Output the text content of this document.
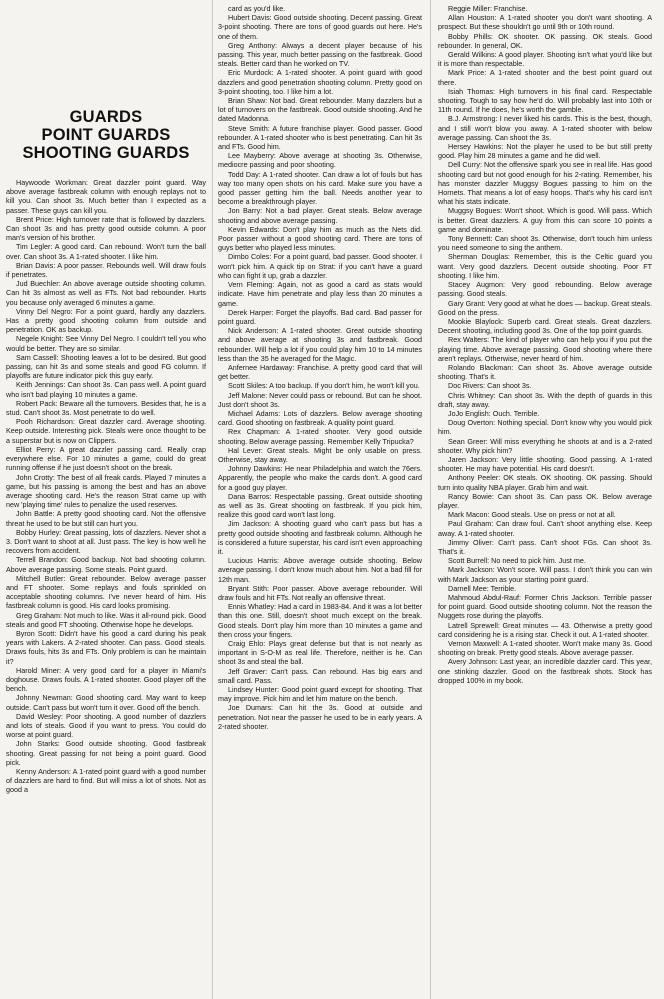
GUARDS
POINT GUARDS
SHOOTING GUARDS

Haywoode Workman: Great dazzler point guard. Way above average fastbreak column with enough replays not to kill you. Can shoot 3s. Much better than I expected as a passer. These guys can kill you.

Brent Price: High turnover rate that is followed by dazzlers. Can shoot 3s and has pretty good outside column. A poor man's version of his brother.

Tim Legler: A good card. Can rebound. Won't turn the ball over. Can shoot 3s. A 1-rated shooter. I like him.

Brian Davis: A poor passer. Rebounds well. Will draw fouls if penetrates.

Jud Buechler: An above average outside shooting column. Can hit 3s almost as well as FTs. Not bad rebounder. Hurts you because only averaged 6 minutes a game.

Vinny Del Negro: For a point guard, hardly any dazzlers. Has a pretty good shooting column from outside and penetration. OK as backup.

Negele Knight: See Vinny Del Negro. I couldn't tell you who would be better. They are so similar.

Sam Cassell: Shooting leaves a lot to be desired. But good passing, can hit 3s and some steals and good FG column. If playoffs are future indicator pick this guy early.

Keith Jennings: Can shoot 3s. Can pass well. A point guard who isn't bad playing 10 minutes a game.

Robert Pack: Beware all the turnovers. Besides that, he is a stud. Can't shoot 3s. Most penetrate to do well.

Pooh Richardson: Great dazzler card. Average shooting. Keep outside. Interesting pick. Steals were once thought to be a superstar but is now on Clippers.

Elliot Perry: A great dazzler passing card. Really crap everywhere else. For 10 minutes a game, could do great running offense if he just doesn't shoot on the break.

John Crotty: The best of all freak cards. Played 7 minutes a game, but his passing is among the best and has an above average shooting card. He's the reason Strat came up with new 'playing time' rules to penalize the used reserves.

John Battle: A pretty good shooting card. Not the offensive threat he used to be but still can hurt you.

Bobby Hurley: Great passing, lots of dazzlers. Never shot a 3. Don't want to shoot at all. Just pass. The key is how well he recovers from accident.

Terrell Brandon: Good backup. Not bad shooting column. Above average passing. Some steals. Point guard.

Mitchell Butler: Great rebounder. Below average passer and FT shooter. Some replays and fouls sprinkled on acceptable shooting columns. I've never heard of him. His fastbreak column is good. His card looks promising.

Greg Graham: Not much to like. Was it all-round pick. Good steals and good FT shooting. Otherwise hope he develops.

Byron Scott: Didn't have his good a card during his peak years with Lakers. A 2-rated shooter. Can pass. Good steals. Draws fouls, hits 3s and FTs. Only problem is can he maintain it?

Harold Miner: A very good card for a player in Miami's doghouse. Draws fouls. A 1-rated shooter. Good player off the bench.

Johnny Newman: Good shooting card. May want to keep outside. Can't pass but won't turn it over. Good off the bench.

David Wesley: Poor shooting. A good number of dazzlers and lots of steals. Good if you want to press. You could do worse at point guard.

John Starks: Good outside shooting. Good fastbreak shooting. Great passing for not being a point guard. Good pick.

Kenny Anderson: A 1-rated point guard with a good number of dazzlers are hard to find. But will miss a lot of shots. Not as good a

card as you'd like.

Hubert Davis: Good outside shooting. Decent passing. Great 3-point shooting. There are tons of good guards out here. He's one of them.

Greg Anthony: Always a decent player because of his passing. This year, much better passing on the fastbreak. Good steals. Better card than he worked on TV.

Eric Murdock: A 1-rated shooter. A point guard with good dazzlers and good penetration shooting column. Pretty good on 3-point shooting, too. I like him a lot.

Brian Shaw: Not bad. Great rebounder. Many dazzlers but a lot of turnovers on the fastbreak. Good outside shooting. And he dated Madonna.

Steve Smith: A future franchise player. Good passer. Good rebounder. A 1-rated shooter who is best penetrating. Can hit 3s and FTs. Good him.

Lee Mayberry: Above average at shooting 3s. Otherwise, mediocre passing and poor shooting.

Todd Day: A 1-rated shooter. Can draw a lot of fouls but has way too many open shots on his card. Make sure you have a good passer getting him the ball. Needs another year to become a breakthrough player.

Jon Barry: Not a bad player. Great steals. Below average shooting and above average passing.

Kevin Edwards: Don't play him as much as the Nets did. Poor passer without a good shooting card. There are tons of guys better who played less minutes.

Dimbo Coles: For a point guard, bad passer. Good shooter. I won't pick him. A quick tip on Strat: if you can't have a guard who can fight it up, grab a dazzler.

Vern Fleming: Again, not as good a card as stats would indicate. Have him penetrate and play less than 20 minutes a game.

Derek Harper: Forget the playoffs. Bad card. Bad passer for point guard.

Nick Anderson: A 1-rated shooter. Great outside shooting and above average at shooting 3s and fastbreak. Good rebounder. Will help a lot if you could play him 10 to 14 minutes less than the 35 he averaged for the Magic.

Anfernee Hardaway: Franchise. A pretty good card that will get better.

Scott Skiles: A too backup. If you don't him, he won't kill you.

Jeff Malone: Never could pass or rebound. But can he shoot. Just don't shoot 3s.

Michael Adams: Lots of dazzlers. Below average shooting card. Good shooting on fastbreak. A quality point guard.

Rex Chapman: A 1-rated shooter. Very good outside shooting. Below average passing. Remember Kelly Tripucka?

Hal Lever: Great steals. Might be only usable on press. Otherwise, stay away.

Johnny Dawkins: He near Philadelphia and watch the 76ers. Apparently, the people who make the cards don't. A good card for a good guy player.

Dana Barros: Respectable passing. Great outside shooting as well as 3s. Great shooting on fastbreak. If you pick him, realize this good card won't last long.

Jim Jackson: A shooting guard who can't pass but has a pretty good outside shooting and fastbreak column. Although he is considered a future superstar, his card isn't even approaching it.

Lucious Harris: Above average outside shooting. Below average passing. I don't know much about him. Not a bad fill for 12th man.

Bryant Stith: Poor passer. Above average rebounder. Will draw fouls and hit FTs. Not really an offensive threat.

Ennis Whatley: Had a card in 1983-84. And it was a lot better than this one. Still, doesn't shoot much except on the break. Good steals. Don't play him more than 10 minutes a game and then cross your fingers.

Craig Ehlo: Plays great defense but that is not nearly as important in S-O-M as real life. Therefore, neither is he. Can shoot 3s and steal the ball.

Jeff Graver: Can't pass. Can rebound. Has big ears and small card. Pass.

Lindsey Hunter: Good point guard except for shooting. That may improve. Pick him and let him mature on the bench.

Joe Dumars: Can hit the 3s. Good at outside and penetration. Not near the passer he used to be in early years. A 2-rated shooter.

Reggie Miller: Franchise.

Allan Houston: A 1-rated shooter you don't want shooting. A prospect. But these shouldn't go until 9th or 10th round.

Bobby Phills: OK shooter. OK passing. OK steals. Good rebounder. In general, OK.

Gerald Wilkins: A good player. Shooting isn't what you'd like but it is more than respectable.

Mark Price: A 1-rated shooter and the best point guard out there.

Isiah Thomas: High turnovers in his final card. Respectable shooting. Tough to say how he'd do. Will probably last into 10th or 11th round. If he does, he's worth the gamble.

B.J. Armstrong: I never liked his cards. This is the best, though, and I still won't blow you away. A 1-rated shooter with below average passing. Can shoot the 3s.

Hersey Hawkins: Not the player he used to be but still pretty good. Play him 28 minutes a game and he did well.

Dell Curry: Not the offensive spark you see in real life. Has good shooting card but not good enough for his 2-rating. Remember, his has monster dazzler Muggsy Bogues passing to him on the Hornets. That means a lot of easy hoops. That's why his card isn't what his stats indicate.

Muggsy Bogues: Won't shoot. Which is good. Will pass. Which is better. Great dazzlers. A guy from this can score 10 points a game and dominate.

Tony Bennett: Can shoot 3s. Otherwise, don't touch him unless you need someone to sing the anthem.

Sherman Douglas: Remember, this is the Celtic guard you want. Very good dazzlers. Decent outside shooting. Poor FT shooting. I like him.

Stacey Augmon: Very good rebounding. Below average passing. Good steals.

Gary Grant: Very good at what he does — backup. Great steals. Good on the press.

Mookie Blaylock: Superb card. Great steals. Great dazzlers. Decent shooting, including good 3s. One of the top point guards.

Rex Walters: The kind of player who can help you if you put the playing time. Above average passing. Good shooting where there aren't replays. Otherwise, never heard of him.

Rolando Blackman: Can shoot 3s. Above average outside shooting. That's it.

Doc Rivers: Can shoot 3s.

Chris Whitney: Can shoot 3s. With the depth of guards in this draft, stay away.

JoJo English: Ouch. Terrible.

Doug Overton: Nothing special. Don't know why you would pick him.

Sean Greer: Will miss everything he shoots at and is a 2-rated shooter. Why pick him?

Jaren Jackson: Very little shooting. Good passing. A 1-rated shooter. He may have potential. His card doesn't.

Anthony Peeler: OK steals. OK shooting. OK passing. Should turn into quality NBA player. Grab him and wait.

Rancy Bowie: Can shoot 3s. Can pass OK. Below average player.

Mark Macon: Good steals. Use on press or not at all.

Paul Graham: Can draw foul. Can't shoot anything else. Keep away. A 1-rated shooter.

Jimmy Oliver: Can't pass. Can't shoot FGs. Can shoot 3s. That's it.

Scott Burrell: No need to pick him. Just me.

Mark Jackson: Won't score. Will pass. I don't think you can win with Mark Jackson as your starting point guard.

Darnell Mee: Terrible.

Mahmoud Abdul-Rauf: Former Chris Jackson. Terrible passer for point guard. Good outside shooting column. Not the reason the Nuggets rose during the playoffs.

Latrell Sprewell: Great minutes — 43. Otherwise a pretty good card considering he is a rising star. Check it out. A 1-rated shooter.

Vernon Maxwell: A 1-rated shooter. Won't make many 3s. Good shooting on break. Pretty good steals. Above average passer.

Avery Johnson: Last year, an incredible dazzler card. This year, one stinking dazzler. Good on the fastbreak shots. Stock has dropped 100% in my book.
